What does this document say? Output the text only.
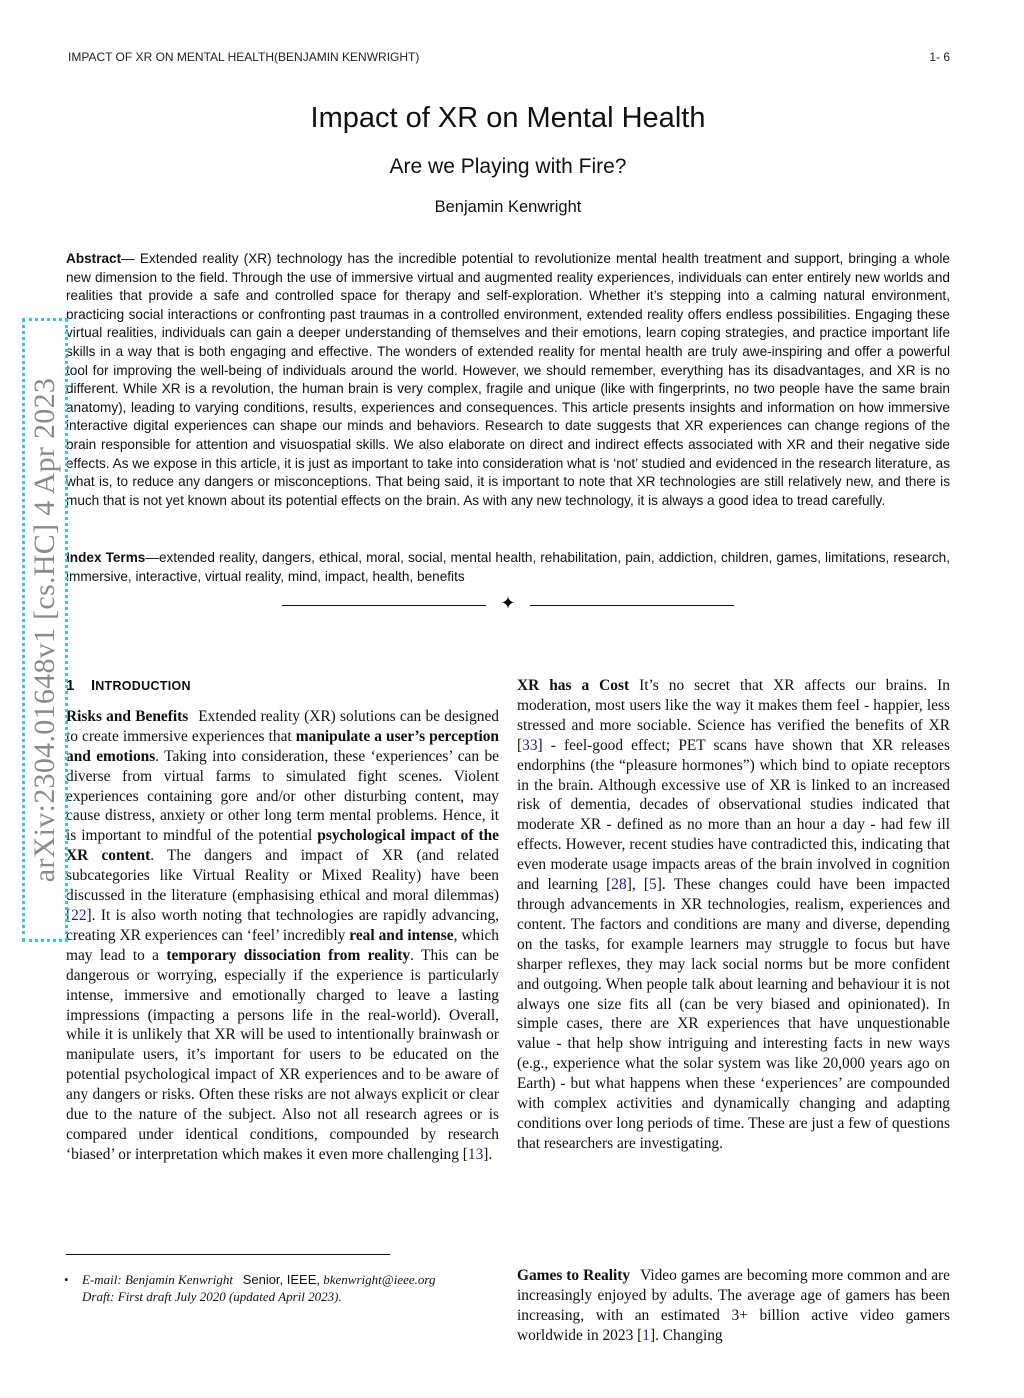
IMPACT OF XR ON MENTAL HEALTH(BENJAMIN KENWRIGHT)	1- 6
Impact of XR on Mental Health
Are we Playing with Fire?
Benjamin Kenwright
Abstract— Extended reality (XR) technology has the incredible potential to revolutionize mental health treatment and support, bringing a whole new dimension to the field. Through the use of immersive virtual and augmented reality experiences, individuals can enter entirely new worlds and realities that provide a safe and controlled space for therapy and self-exploration. Whether it’s stepping into a calming natural environment, practicing social interactions or confronting past traumas in a controlled environment, extended reality offers endless possibilities. Engaging these virtual realities, individuals can gain a deeper understanding of themselves and their emotions, learn coping strategies, and practice important life skills in a way that is both engaging and effective. The wonders of extended reality for mental health are truly awe-inspiring and offer a powerful tool for improving the well-being of individuals around the world. However, we should remember, everything has its disadvantages, and XR is no different. While XR is a revolution, the human brain is very complex, fragile and unique (like with fingerprints, no two people have the same brain anatomy), leading to varying conditions, results, experiences and consequences. This article presents insights and information on how immersive interactive digital experiences can shape our minds and behaviors. Research to date suggests that XR experiences can change regions of the brain responsible for attention and visuospatial skills. We also elaborate on direct and indirect effects associated with XR and their negative side effects. As we expose in this article, it is just as important to take into consideration what is ‘not’ studied and evidenced in the research literature, as what is, to reduce any dangers or misconceptions. That being said, it is important to note that XR technologies are still relatively new, and there is much that is not yet known about its potential effects on the brain. As with any new technology, it is always a good idea to tread carefully.
Index Terms—extended reality, dangers, ethical, moral, social, mental health, rehabilitation, pain, addiction, children, games, limitations, research, immersive, interactive, virtual reality, mind, impact, health, benefits
✦
1 INTRODUCTION

Risks and Benefits Extended reality (XR) solutions can be designed to create immersive experiences that manipulate a user’s perception and emotions. Taking into consideration, these ‘experiences’ can be diverse from virtual farms to simulated fight scenes. Violent experiences containing gore and/or other disturbing content, may cause distress, anxiety or other long term mental problems. Hence, it is important to mindful of the potential psychological impact of the XR content. The dangers and impact of XR (and related subcategories like Virtual Reality or Mixed Reality) have been discussed in the literature (emphasising ethical and moral dilemmas) [22]. It is also worth noting that technologies are rapidly advancing, creating XR experiences can ‘feel’ incredibly real and intense, which may lead to a temporary dissociation from reality. This can be dangerous or worrying, especially if the experience is particularly intense, immersive and emotionally charged to leave a lasting impressions (impacting a persons life in the real-world). Overall, while it is unlikely that XR will be used to intentionally brainwash or manipulate users, it’s important for users to be educated on the potential psychological impact of XR experiences and to be aware of any dangers or risks. Often these risks are not always explicit or clear due to the nature of the subject. Also not all research agrees or is compared under identical conditions, compounded by research ‘biased’ or interpretation which makes it even more challenging [13].

• E-mail: Benjamin Kenwright Senior, IEEE, bkenwright@ieee.org
Draft: First draft July 2020 (updated April 2023).

XR has a Cost It’s no secret that XR affects our brains. In moderation, most users like the way it makes them feel - happier, less stressed and more sociable. Science has verified the benefits of XR [33] - feel-good effect; PET scans have shown that XR releases endorphins (the “pleasure hormones”) which bind to opiate receptors in the brain. Although excessive use of XR is linked to an increased risk of dementia, decades of observational studies indicated that moderate XR - defined as no more than an hour a day - had few ill effects. However, recent studies have contradicted this, indicating that even moderate usage impacts areas of the brain involved in cognition and learning [28], [5]. These changes could have been impacted through advancements in XR technologies, realism, experiences and content. The factors and conditions are many and diverse, depending on the tasks, for example learners may struggle to focus but have sharper reflexes, they may lack social norms but be more confident and outgoing. When people talk about learning and behaviour it is not always one size fits all (can be very biased and opinionated). In simple cases, there are XR experiences that have unquestionable value - that help show intriguing and interesting facts in new ways (e.g., experience what the solar system was like 20,000 years ago on Earth) - but what happens when these ‘experiences’ are compounded with complex activities and dynamically changing and adapting conditions over long periods of time. These are just a few of questions that researchers are investigating.

Games to Reality Video games are becoming more common and are increasingly enjoyed by adults. The average age of gamers has been increasing, with an estimated 3+ billion active video gamers worldwide in 2023 [1]. Changing
arXiv:2304.01648v1 [cs.HC] 4 Apr 2023
